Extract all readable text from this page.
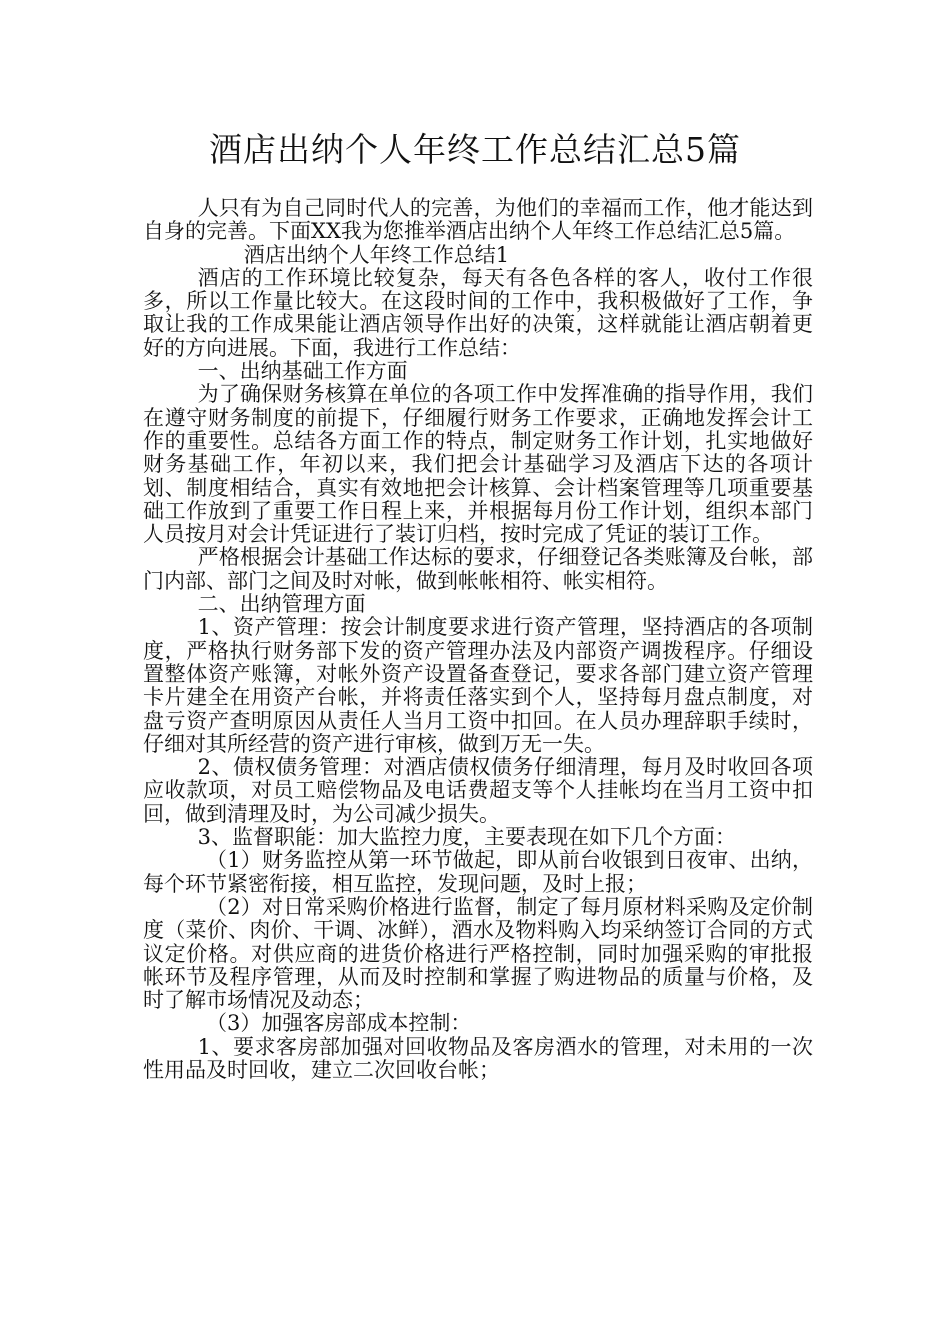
酒店出纳个人年终工作总结汇总5篇

人只有为自己同时代人的完善，为他们的幸福而工作，他才能达到自身的完善。下面XX我为您推举酒店出纳个人年终工作总结汇总5篇。

酒店出纳个人年终工作总结1

酒店的工作环境比较复杂，每天有各色各样的客人，收付工作很多，所以工作量比较大。在这段时间的工作中，我积极做好了工作，争取让我的工作成果能让酒店领导作出好的决策，这样就能让酒店朝着更好的方向进展。下面，我进行工作总结：

一、出纳基础工作方面

为了确保财务核算在单位的各项工作中发挥准确的指导作用，我们在遵守财务制度的前提下，仔细履行财务工作要求，正确地发挥会计工作的重要性。总结各方面工作的特点，制定财务工作计划，扎实地做好财务基础工作，年初以来，我们把会计基础学习及酒店下达的各项计划、制度相结合，真实有效地把会计核算、会计档案管理等几项重要基础工作放到了重要工作日程上来，并根据每月份工作计划，组织本部门人员按月对会计凭证进行了装订归档，按时完成了凭证的装订工作。

严格根据会计基础工作达标的要求，仔细登记各类账簿及台帐，部门内部、部门之间及时对帐，做到帐帐相符、帐实相符。

二、出纳管理方面

1、资产管理：按会计制度要求进行资产管理，坚持酒店的各项制度，严格执行财务部下发的资产管理办法及内部资产调拨程序。仔细设置整体资产账簿，对帐外资产设置备查登记，要求各部门建立资产管理卡片建全在用资产台帐，并将责任落实到个人，坚持每月盘点制度，对盘亏资产查明原因从责任人当月工资中扣回。在人员办理辞职手续时，仔细对其所经营的资产进行审核，做到万无一失。

2、债权债务管理：对酒店债权债务仔细清理，每月及时收回各项应收款项，对员工赔偿物品及电话费超支等个人挂帐均在当月工资中扣回，做到清理及时，为公司减少损失。

3、监督职能：加大监控力度，主要表现在如下几个方面：

（1）财务监控从第一环节做起，即从前台收银到日夜审、出纳，每个环节紧密衔接，相互监控，发现问题，及时上报；

（2）对日常采购价格进行监督，制定了每月原材料采购及定价制度（菜价、肉价、干调、冰鲜），酒水及物料购入均采纳签订合同的方式议定价格。对供应商的进货价格进行严格控制，同时加强采购的审批报帐环节及程序管理，从而及时控制和掌握了购进物品的质量与价格，及时了解市场情况及动态；

（3）加强客房部成本控制：

1、要求客房部加强对回收物品及客房酒水的管理，对未用的一次性用品及时回收，建立二次回收台帐；
